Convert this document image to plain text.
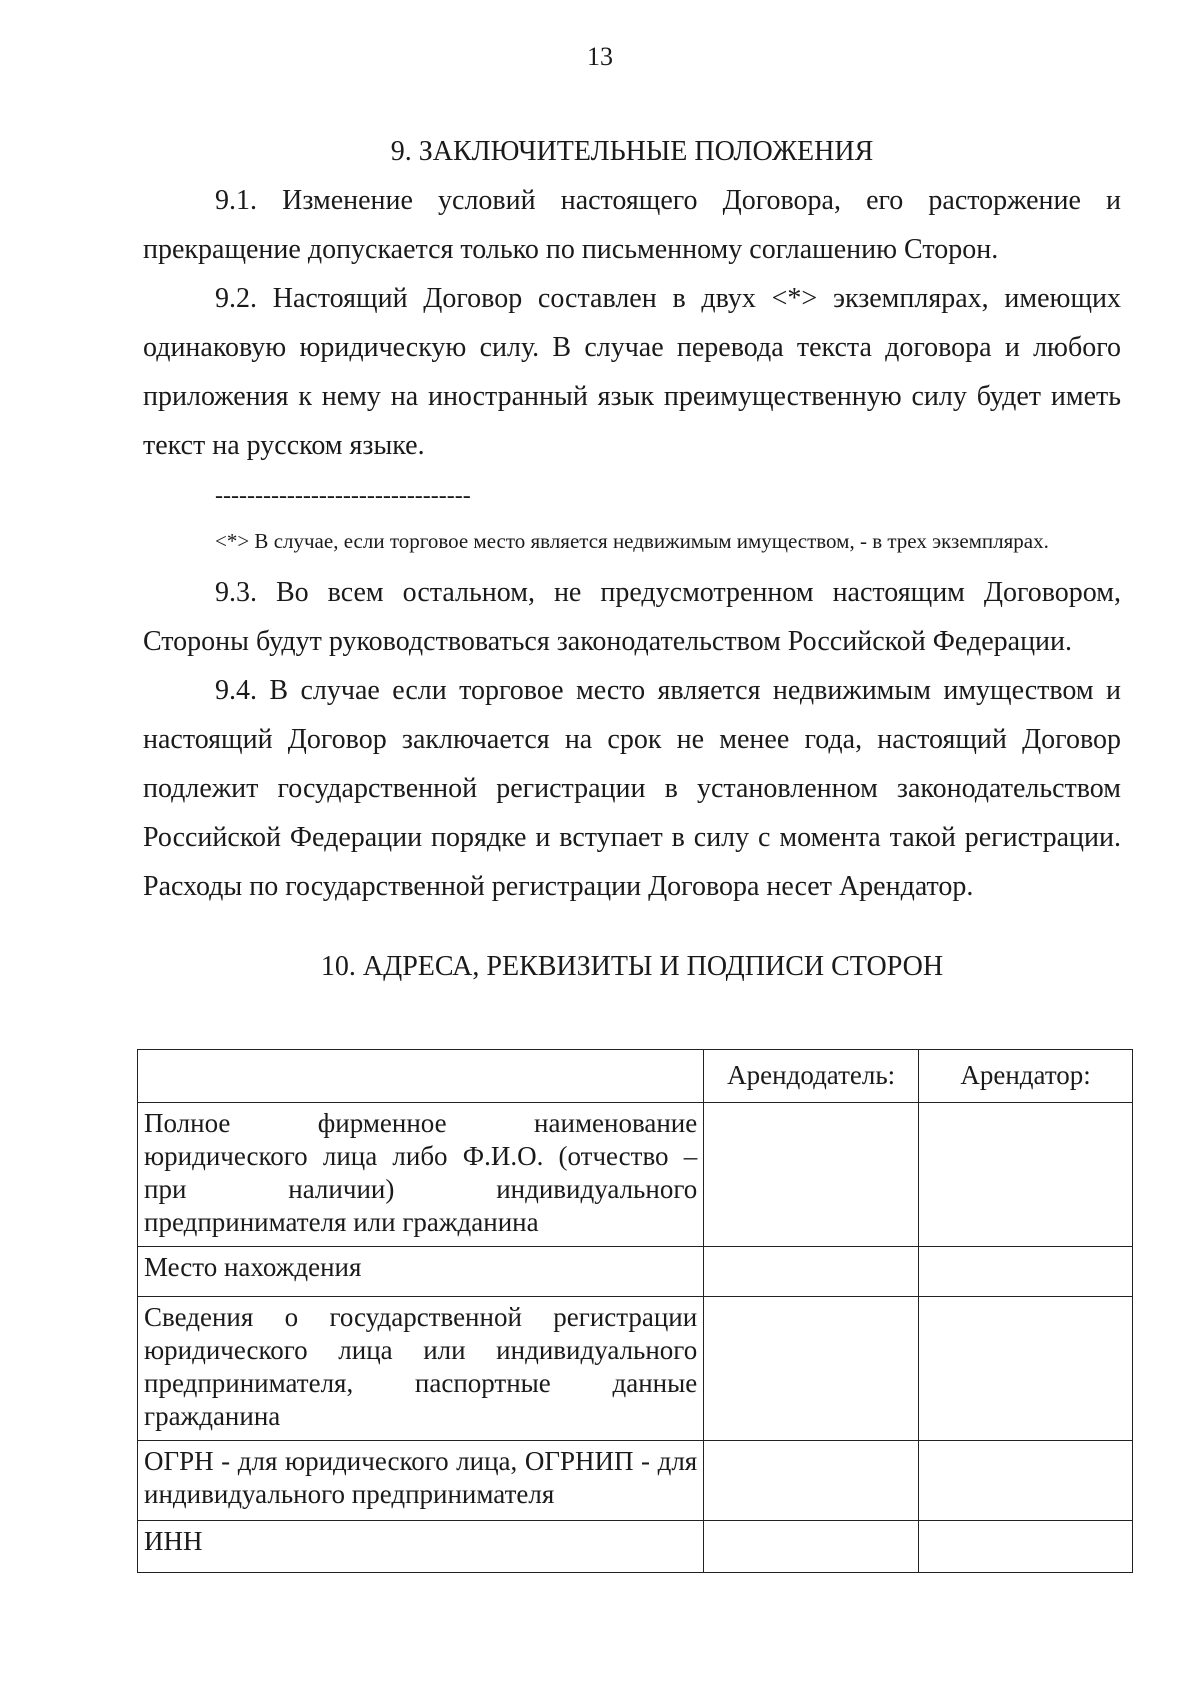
13
9. ЗАКЛЮЧИТЕЛЬНЫЕ ПОЛОЖЕНИЯ

9.1. Изменение условий настоящего Договора, его расторжение и прекращение допускается только по письменному соглашению Сторон.

9.2. Настоящий Договор составлен в двух <*> экземплярах, имеющих одинаковую юридическую силу. В случае перевода текста договора и любого приложения к нему на иностранный язык преимущественную силу будет иметь текст на русском языке.

--------------------------------

<*> В случае, если торговое место является недвижимым имуществом, - в трех экземплярах.

9.3. Во всем остальном, не предусмотренном настоящим Договором, Стороны будут руководствоваться законодательством Российской Федерации.

9.4. В случае если торговое место является недвижимым имуществом и настоящий Договор заключается на срок не менее года, настоящий Договор подлежит государственной регистрации в установленном законодательством Российской Федерации порядке и вступает в силу с момента такой регистрации. Расходы по государственной регистрации Договора несет Арендатор.

10. АДРЕСА, РЕКВИЗИТЫ И ПОДПИСИ СТОРОН
	Арендодатель:	Арендатор:
Полное фирменное наименование юридического лица либо Ф.И.О. (отчество – при наличии) индивидуального предпринимателя или гражданина		
Место нахождения		
Сведения о государственной регистрации юридического лица или индивидуального предпринимателя, паспортные данные гражданина		
ОГРН - для юридического лица, ОГРНИП - для индивидуального предпринимателя		
ИНН		
